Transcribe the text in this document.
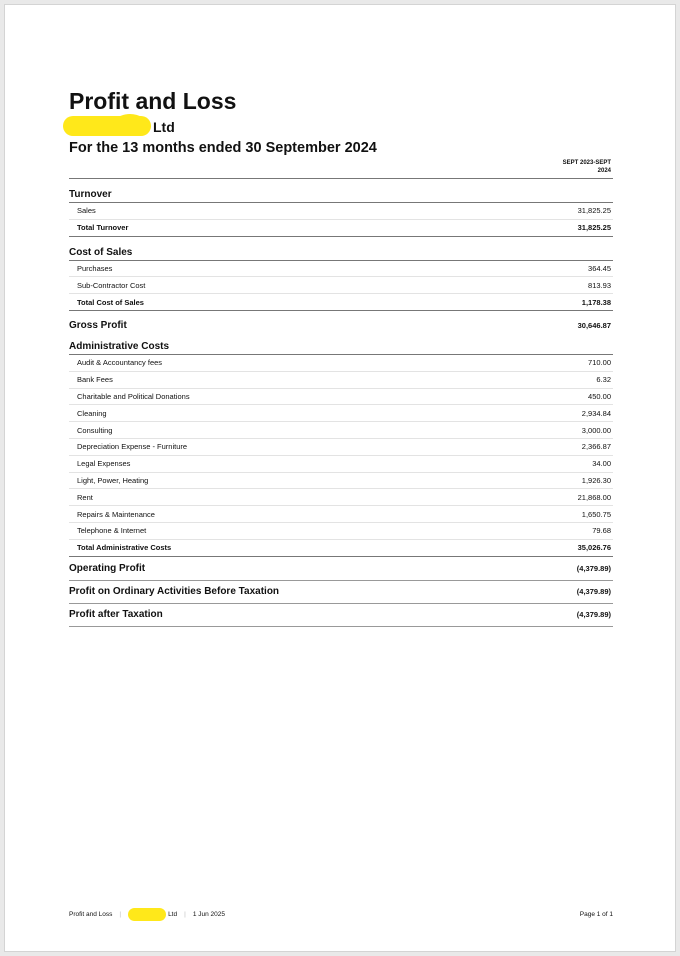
Profit and Loss
Ltd
For the 13 months ended 30 September 2024
SEPT 2023-SEPT 2024
Turnover
Sales	31,825.25
Total Turnover	31,825.25
Cost of Sales
Purchases	364.45
Sub-Contractor Cost	813.93
Total Cost of Sales	1,178.38
Gross Profit	30,646.87
Administrative Costs
Audit & Accountancy fees	710.00
Bank Fees	6.32
Charitable and Political Donations	450.00
Cleaning	2,934.84
Consulting	3,000.00
Depreciation Expense - Furniture	2,366.87
Legal Expenses	34.00
Light, Power, Heating	1,926.30
Rent	21,868.00
Repairs & Maintenance	1,650.75
Telephone & Internet	79.68
Total Administrative Costs	35,026.76
Operating Profit	(4,379.89)
Profit on Ordinary Activities Before Taxation	(4,379.89)
Profit after Taxation	(4,379.89)
Profit and Loss |	Ltd | 1 Jun 2025	Page 1 of 1
